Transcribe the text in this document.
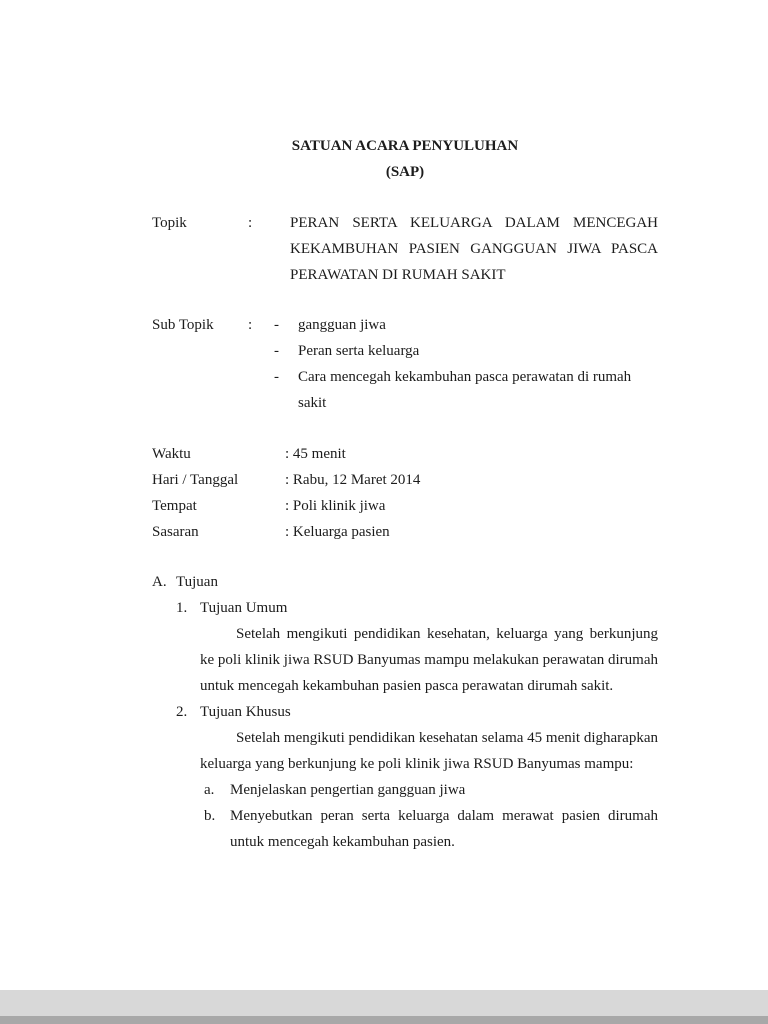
SATUAN ACARA PENYULUHAN
(SAP)
Topik	:	PERAN SERTA KELUARGA DALAM MENCEGAH KEKAMBUHAN PASIEN GANGGUAN JIWA PASCA PERAWATAN DI RUMAH SAKIT
Sub Topik	:	-	gangguan jiwa
-	Peran serta keluarga
-	Cara mencegah kekambuhan pasca perawatan di rumah sakit
Waktu	: 45 menit
Hari / Tanggal	: Rabu, 12 Maret 2014
Tempat	: Poli klinik jiwa
Sasaran	: Keluarga pasien
A. Tujuan
1. Tujuan Umum

Setelah mengikuti pendidikan kesehatan, keluarga yang berkunjung ke poli klinik jiwa RSUD Banyumas mampu melakukan perawatan dirumah untuk mencegah kekambuhan pasien pasca perawatan dirumah sakit.

2. Tujuan Khusus

Setelah mengikuti pendidikan kesehatan selama 45 menit digharapkan keluarga yang berkunjung ke poli klinik jiwa RSUD Banyumas mampu:

a.	Menjelaskan pengertian gangguan jiwa
b. Menyebutkan peran serta keluarga dalam merawat pasien dirumah untuk mencegah kekambuhan pasien.
